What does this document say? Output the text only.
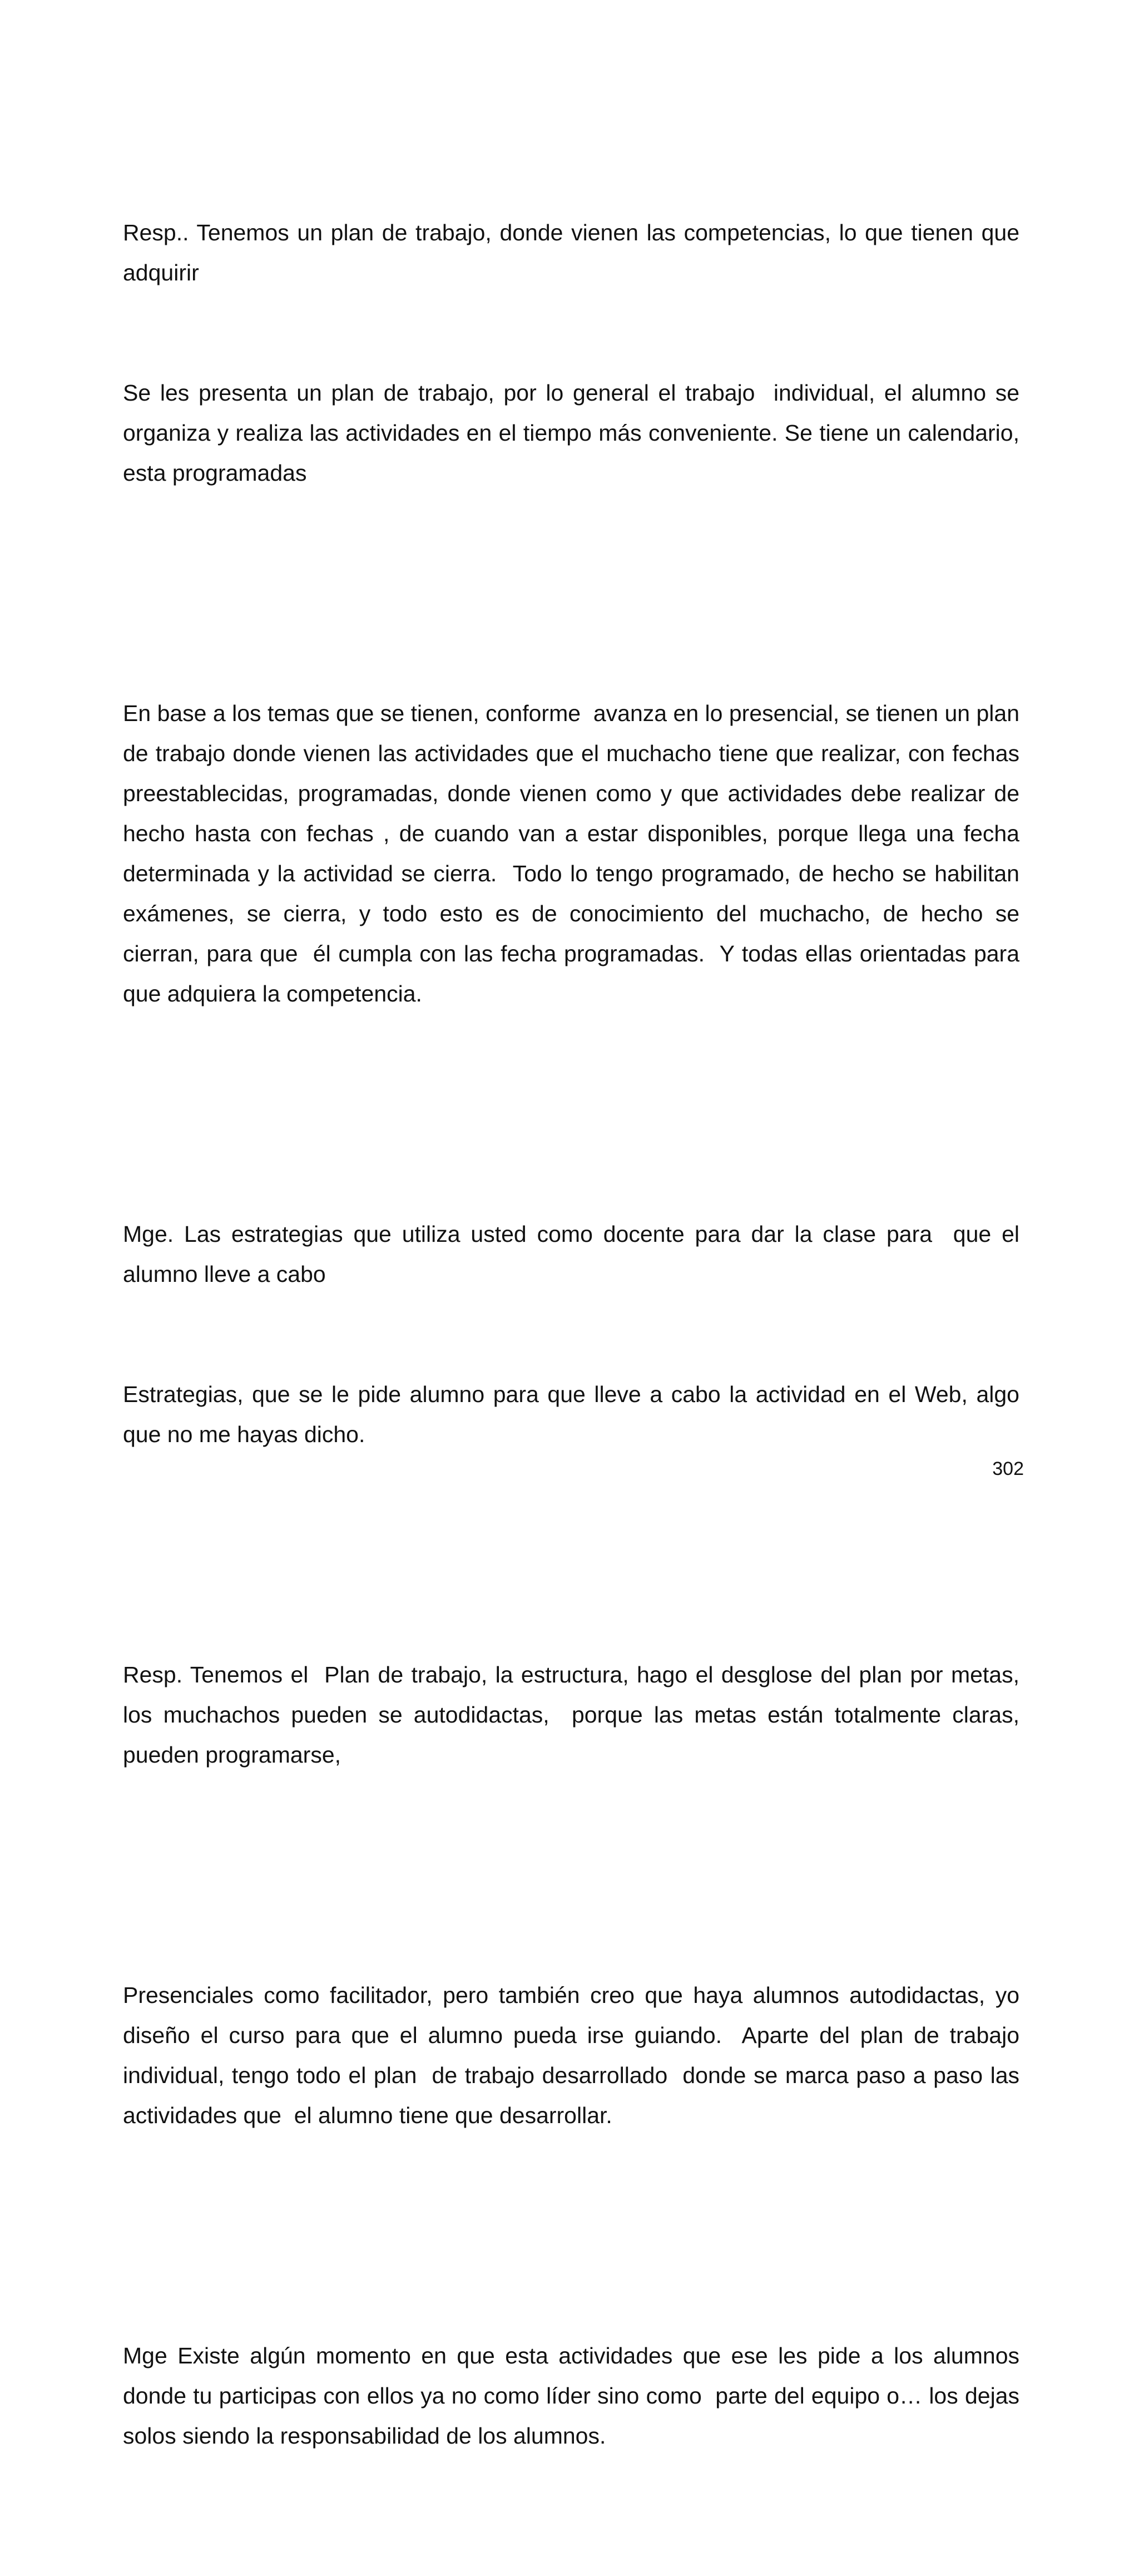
Resp.. Tenemos un plan de trabajo, donde vienen las competencias, lo que tienen que adquirir

Se les presenta un plan de trabajo, por lo general el trabajo  individual, el alumno se organiza y realiza las actividades en el tiempo más conveniente. Se tiene un calendario, esta programadas

En base a los temas que se tienen, conforme  avanza en lo presencial, se tienen un plan de trabajo donde vienen las actividades que el muchacho tiene que realizar, con fechas preestablecidas, programadas, donde vienen como y que actividades debe realizar de hecho hasta con fechas , de cuando van a estar disponibles, porque llega una fecha determinada y la actividad se cierra.  Todo lo tengo programado, de hecho se habilitan exámenes, se cierra, y todo esto es de conocimiento del muchacho, de hecho se cierran, para que  él cumpla con las fecha programadas.  Y todas ellas orientadas para que adquiera la competencia.

Mge. Las estrategias que utiliza usted como docente para dar la clase para  que el alumno lleve a cabo

Estrategias, que se le pide alumno para que lleve a cabo la actividad en el Web, algo que no me hayas dicho.

Resp. Tenemos el  Plan de trabajo, la estructura, hago el desglose del plan por metas, los muchachos pueden se autodidactas,  porque las metas están totalmente claras, pueden programarse,

Presenciales como facilitador, pero también creo que haya alumnos autodidactas, yo diseño el curso para que el alumno pueda irse guiando.  Aparte del plan de trabajo individual, tengo todo el plan  de trabajo desarrollado  donde se marca paso a paso las actividades que  el alumno tiene que desarrollar.

Mge Existe algún momento en que esta actividades que ese les pide a los alumnos donde tu participas con ellos ya no como líder sino como  parte del equipo o… los dejas solos siendo la responsabilidad de los alumnos.

302
